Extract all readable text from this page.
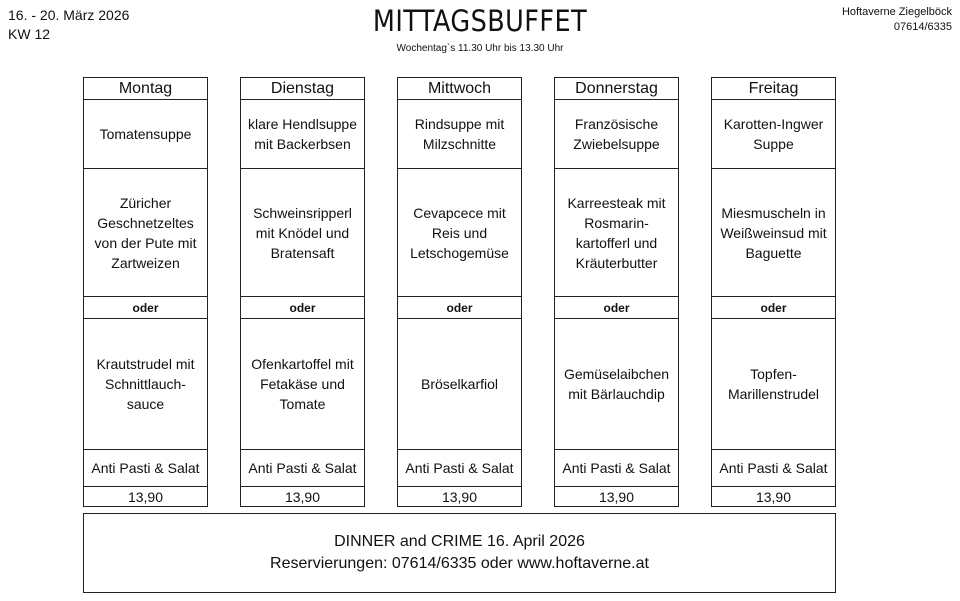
16. - 20. März 2026
KW 12	MITTAGSBUFFET
Wochentag`s 11.30 Uhr bis 13.30 Uhr
Hoftaverne Ziegelböck
07614/6335
Montag
Tomatensuppe
Züricher Geschnetzeltes von der Pute mit Zartweizen
oder
Krautstrudel mit Schnittlauch-sauce
Anti Pasti & Salat
13,90
Dienstag
klare Hendlsuppe mit Backerbsen
Schweinsripperl mit Knödel und Bratensaft
oder
Ofenkartoffel mit Fetakäse und Tomate
Anti Pasti & Salat
13,90
Mittwoch
Rindsuppe mit Milzschnitte
Cevapcece mit Reis und Letschogemüse
oder
Bröselkarfiol
Anti Pasti & Salat
13,90
Donnerstag
Französische Zwiebelsuppe
Karreesteak mit Rosmarin-kartofferl und Kräuterbutter
oder
Gemüselaibchen mit Bärlauchdip
Anti Pasti & Salat
13,90
Freitag
Karotten-Ingwer Suppe
Miesmuscheln in Weißweinsud mit Baguette
oder
Topfen-Marillenstrudel
Anti Pasti & Salat
13,90
DINNER and CRIME 16. April 2026
Reservierungen: 07614/6335 oder www.hoftaverne.at
